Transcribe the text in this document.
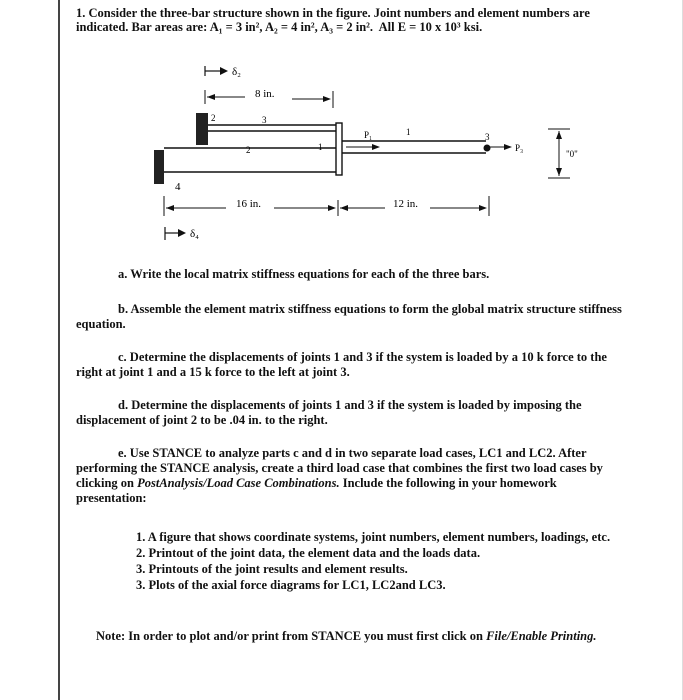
1. Consider the three-bar structure shown in the figure. Joint numbers and element numbers are
indicated. Bar areas are: A₁ = 3 in², A₂ = 4 in², A₃ = 2 in².  All E = 10 x 10³ ksi.
δ₂
8 in.
2	3
4
2	1
1
P₁	3
P₃
"0"
16 in.	12 in.
δ₄
a. Write the local matrix stiffness equations for each of the three bars.
b. Assemble the element matrix stiffness equations to form the global matrix structure stiffness
equation.
c. Determine the displacements of joints 1 and 3 if the system is loaded by a 10 k force to the
right at joint 1 and a 15 k force to the left at joint 3.
d. Determine the displacements of joints 1 and 3 if the system is loaded by imposing the
displacement of joint 2 to be .04 in. to the right.
e. Use STANCE to analyze parts c and d in two separate load cases, LC1 and LC2. After
performing the STANCE analysis, create a third load case that combines the first two load cases by
clicking on PostAnalysis/Load Case Combinations. Include the following in your homework
presentation:
1. A figure that shows coordinate systems, joint numbers, element numbers, loadings, etc.
2. Printout of the joint data, the element data and the loads data.
3. Printouts of the joint results and element results.
3. Plots of the axial force diagrams for LC1, LC2and LC3.
Note: In order to plot and/or print from STANCE you must first click on File/Enable Printing.
